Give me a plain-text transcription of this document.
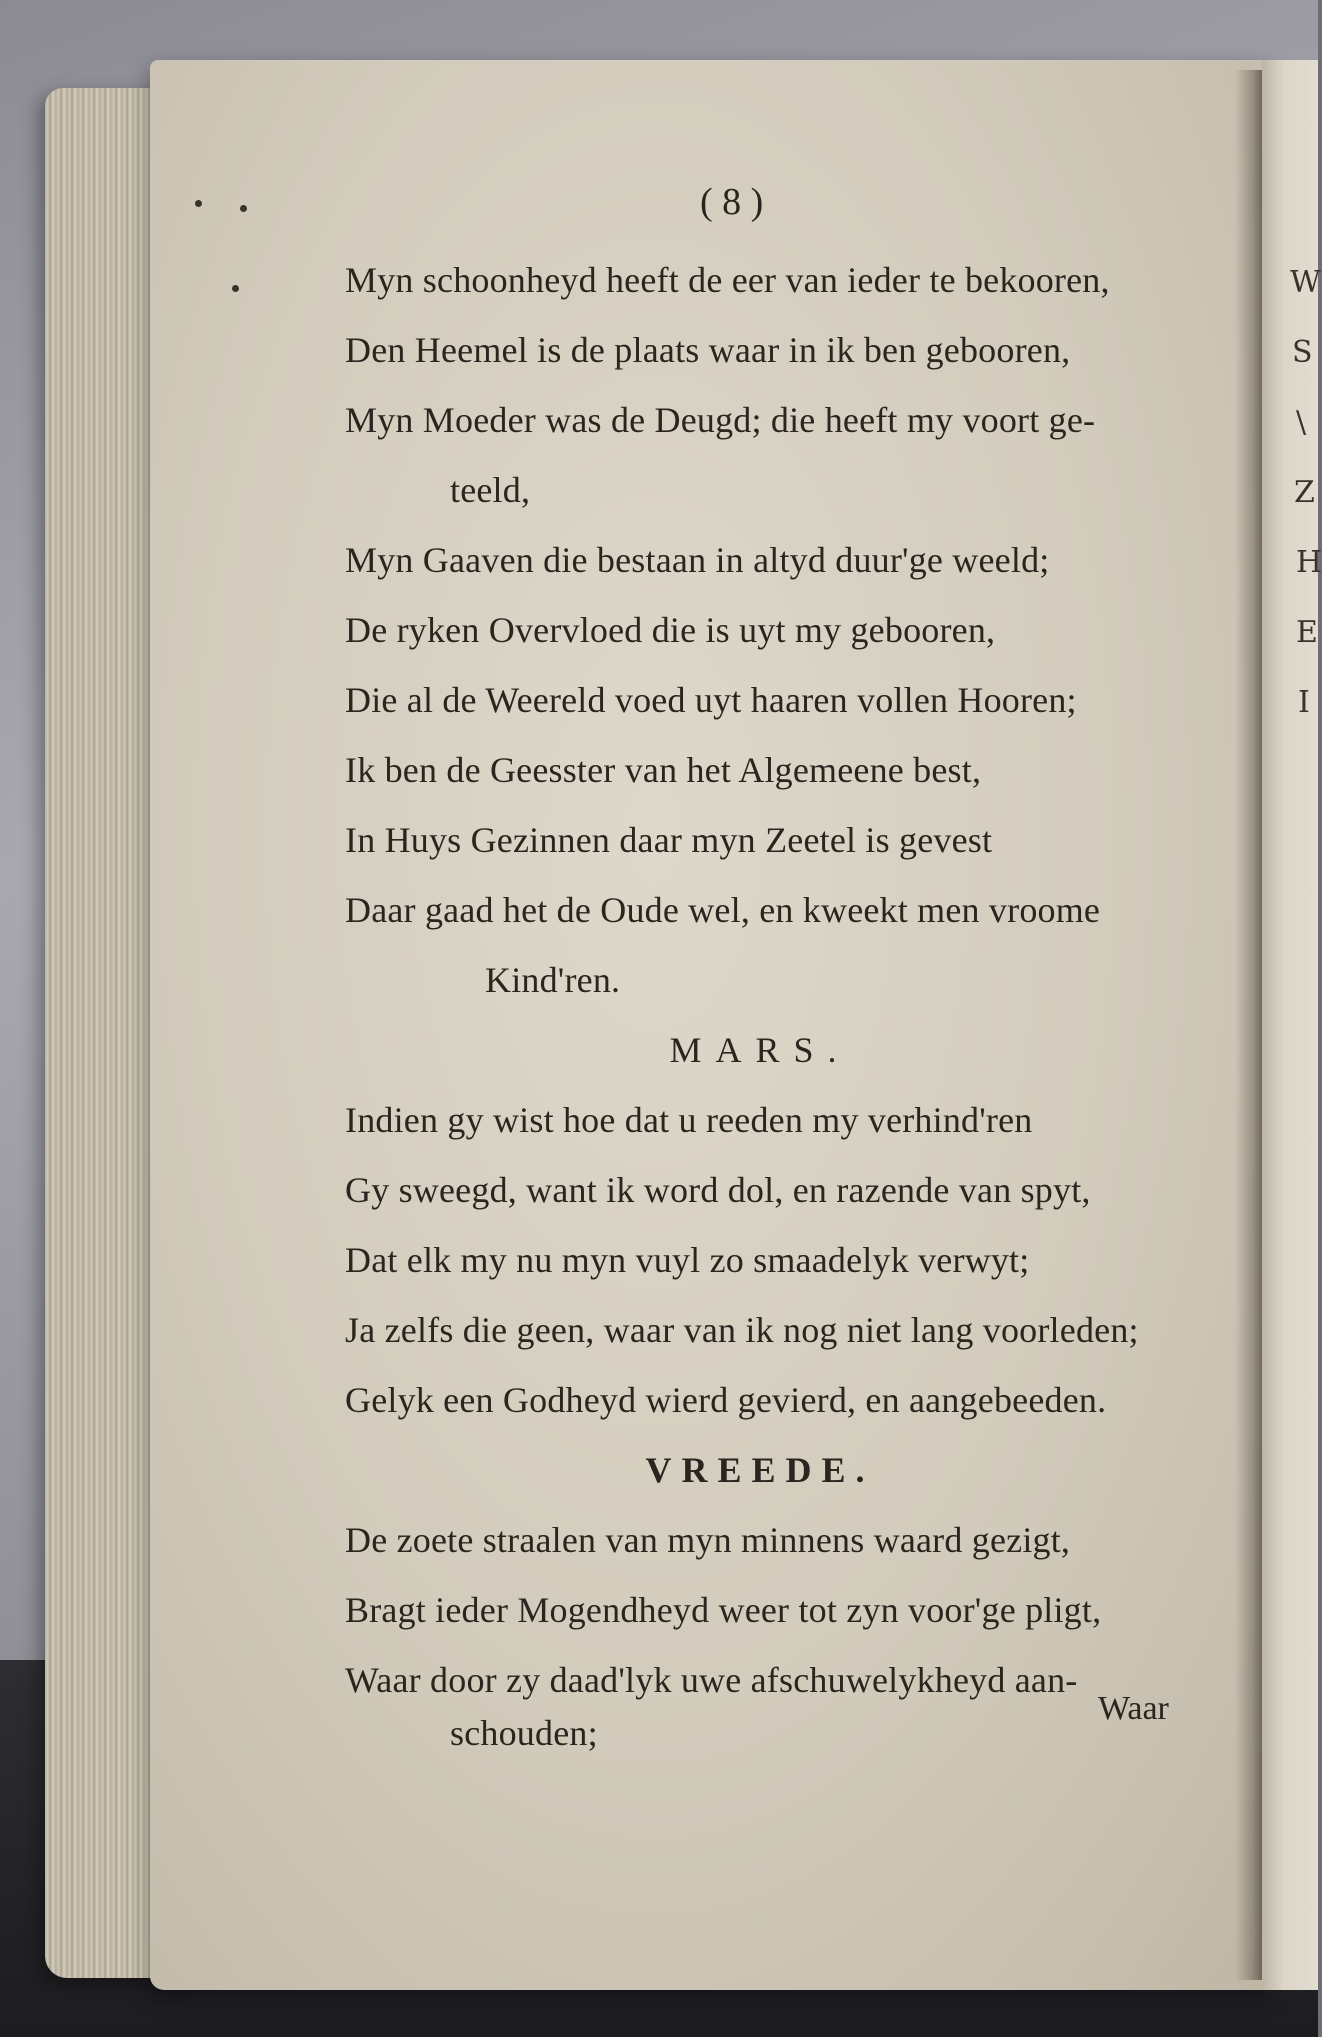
W
S
\
Z
H
E
I
( 8 )
Myn schoonheyd heeft de eer van ieder te bekooren,
Den Heemel is de plaats waar in ik ben gebooren,
Myn Moeder was de Deugd; die heeft my voort ge-
teeld,
Myn Gaaven die bestaan in altyd duur'ge weeld;
De ryken Overvloed die is uyt my gebooren,
Die al de Weereld voed uyt haaren vollen Hooren;
Ik ben de Geesster van het Algemeene best,
In Huys Gezinnen daar myn Zeetel is gevest
Daar gaad het de Oude wel, en kweekt men vroome
Kind'ren.
MARS.
Indien gy wist hoe dat u reeden my verhind'ren
Gy sweegd, want ik word dol, en razende van spyt,
Dat elk my nu myn vuyl zo smaadelyk verwyt;
Ja zelfs die geen, waar van ik nog niet lang voorleden;
Gelyk een Godheyd wierd gevierd, en aangebeeden.
VREEDE.
De zoete straalen van myn minnens waard gezigt,
Bragt ieder Mogendheyd weer tot zyn voor'ge pligt,
Waar door zy daad'lyk uwe afschuwelykheyd aan-
schouden;
Waar
